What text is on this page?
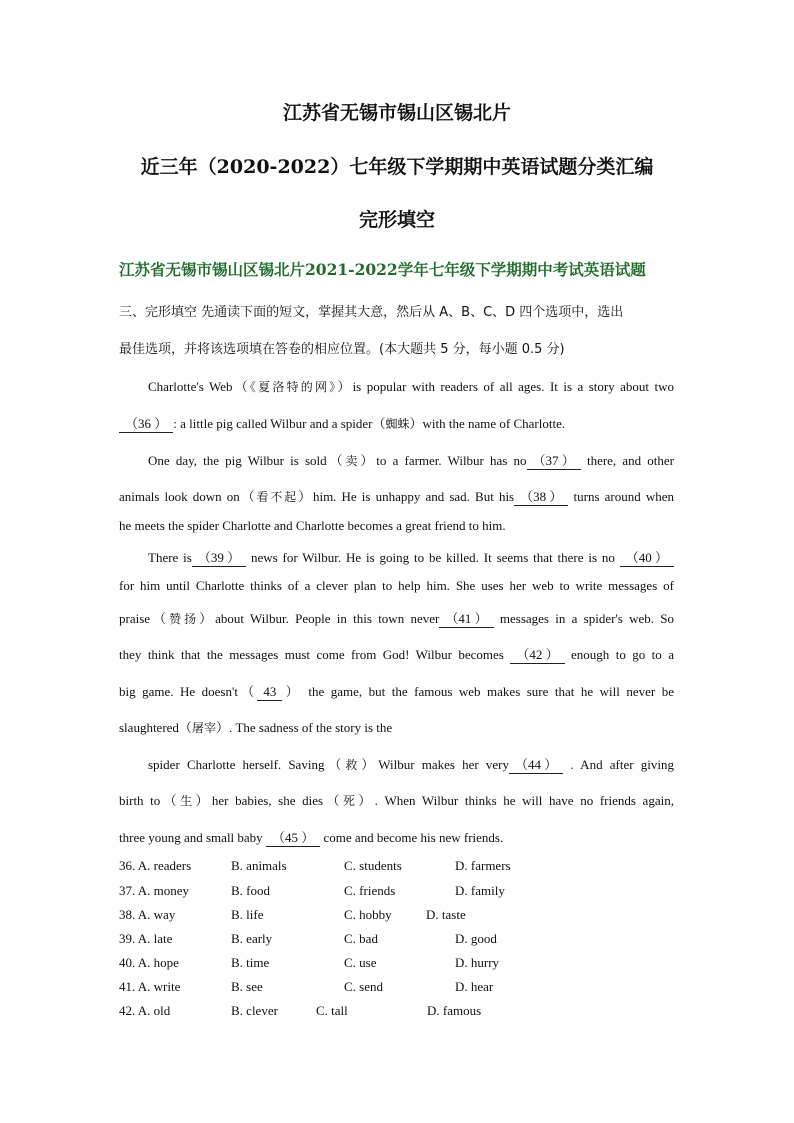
江苏省无锡市锡山区锡北片
近三年（2020-2022）七年级下学期期中英语试题分类汇编
完形填空
江苏省无锡市锡山区锡北片2021-2022学年七年级下学期期中考试英语试题
三、完形填空 先通读下面的短文，掌握其大意，然后从 A、B、C、D 四个选项中，选出
最佳选项，并将该选项填在答卷的相应位置。(本大题共 5 分，每小题 0.5 分)
Charlotte's Web（《夏洛特的网》）is popular with readers of all ages. It is a story about two
（36 ） : a little pig called Wilbur and a spider（蜘蛛）with the name of Charlotte.
One day, the pig Wilbur is sold（卖）to a farmer. Wilbur has no （37 ） there, and other
animals look down on（看不起）him. He is unhappy and sad. But his （38 ） turns around when
he meets the spider Charlotte and Charlotte becomes a great friend to him.
There is （39 ） news for Wilbur. He is going to be killed. It seems that there is no （40 ）
for him until Charlotte thinks of a clever plan to help him. She uses her web to write messages of
praise（赞扬）about Wilbur. People in this town never （41 ） messages in a spider's web. So
they think that the messages must come from God! Wilbur becomes （42 ） enough to go to a
big game. He doesn't（ 43 ） the game, but the famous web makes sure that he will never be
slaughtered（屠宰）. The sadness of the story is the
spider Charlotte herself. Saving（救）Wilbur makes her very （44 ） . And after giving
birth to（生）her babies, she dies（死）. When Wilbur thinks he will have no friends again,
three young and small baby （45 ） come and become his new friends.
36. A. readers	B. animals	C. students	D. farmers
37. A. money	B. food	C. friends	D. family
38. A. way	B. life	C. hobby	D. taste
39. A. late	B. early	C. bad	D. good
40. A. hope	B. time	C. use	D. hurry
41. A. write	B. see	C. send	D. hear
42. A. old	B. clever	C. tall	D. famous
